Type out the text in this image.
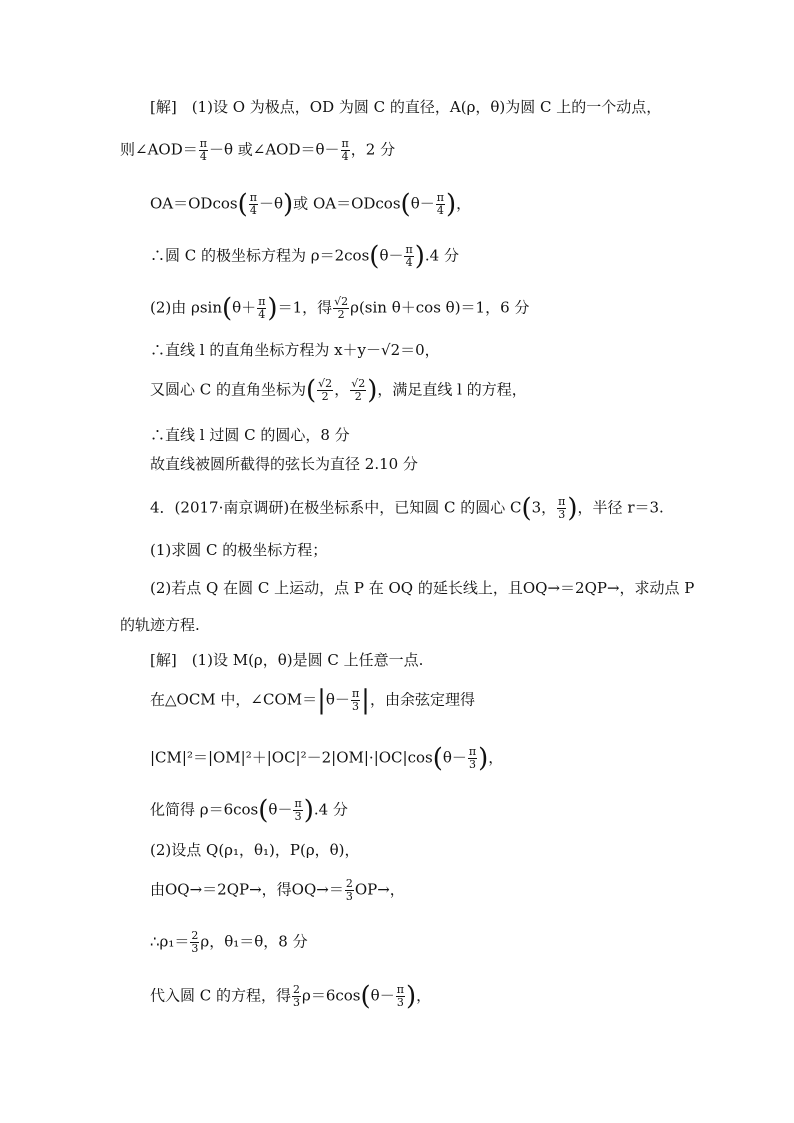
[解]　(1)设 O 为极点，OD 为圆 C 的直径，A(ρ，θ)为圆 C 上的一个动点，
则∠AOD＝ $\frac{\pi}{4} -\theta$ 或∠AOD＝θ－ $\frac{\pi}{4}$ ，2 分
$OA=ODcos( \frac{\pi}{4} -\theta)$或 $OA=ODcos(\theta- \frac{\pi}{4}$ )，
∴圆 C 的极坐标方程为 $\rho=2\cos(\theta- \frac{\pi}{4} ).4$ 分
(2)由 $\rho\sin(\theta+ \frac{\pi}{4} )=1$，得 $\frac{√2}{2} \rho(\sin$ θ＋cos θ)＝1，6 分
∴直线 l 的直角坐标方程为 x＋y－√2＝0，
又圆心 C 的直角坐标为( $\frac{√2}{2}$ ， $\frac{√2}{2}$ )，满足直线 l 的方程，
∴直线 l 过圆 C 的圆心，8 分
故直线被圆所截得的弦长为直径 2.10 分
4．(2017·南京调研)在极坐标系中，已知圆 C 的圆心 C(3， $\frac{\pi}{3}$ )，半径 r＝3.
(1)求圆 C 的极坐标方程；
(2)若点 Q 在圆 C 上运动，点 P 在 OQ 的延长线上，且OQ→＝2QP→，求动点 P
的轨迹方程.
[解]　(1)设 M(ρ，θ)是圆 C 上任意一点.
在△OCM 中，∠COM＝|θ－ $\frac{\pi}{3}$ |，由余弦定理得
$|CM|^2=|OM|^2+|OC|^2-2|OM|\cdot|OC|\cos(\theta- \frac{\pi}{3}$ )，
化简得 $\rho=6\cos(\theta- \frac{\pi}{3} ).4$ 分
(2)设点 Q(ρ₁，θ₁)，P(ρ，θ)，
由OQ→＝2QP→，得$OQ\to= \frac{2}{3} OP\to$，
∴ρ₁＝ $\frac{2}{3}$ ρ，θ₁＝θ，8 分
代入圆 C 的方程，得 $\frac{2}{3} \rho=6\cos(\theta- \frac{\pi}{3}$ )，
